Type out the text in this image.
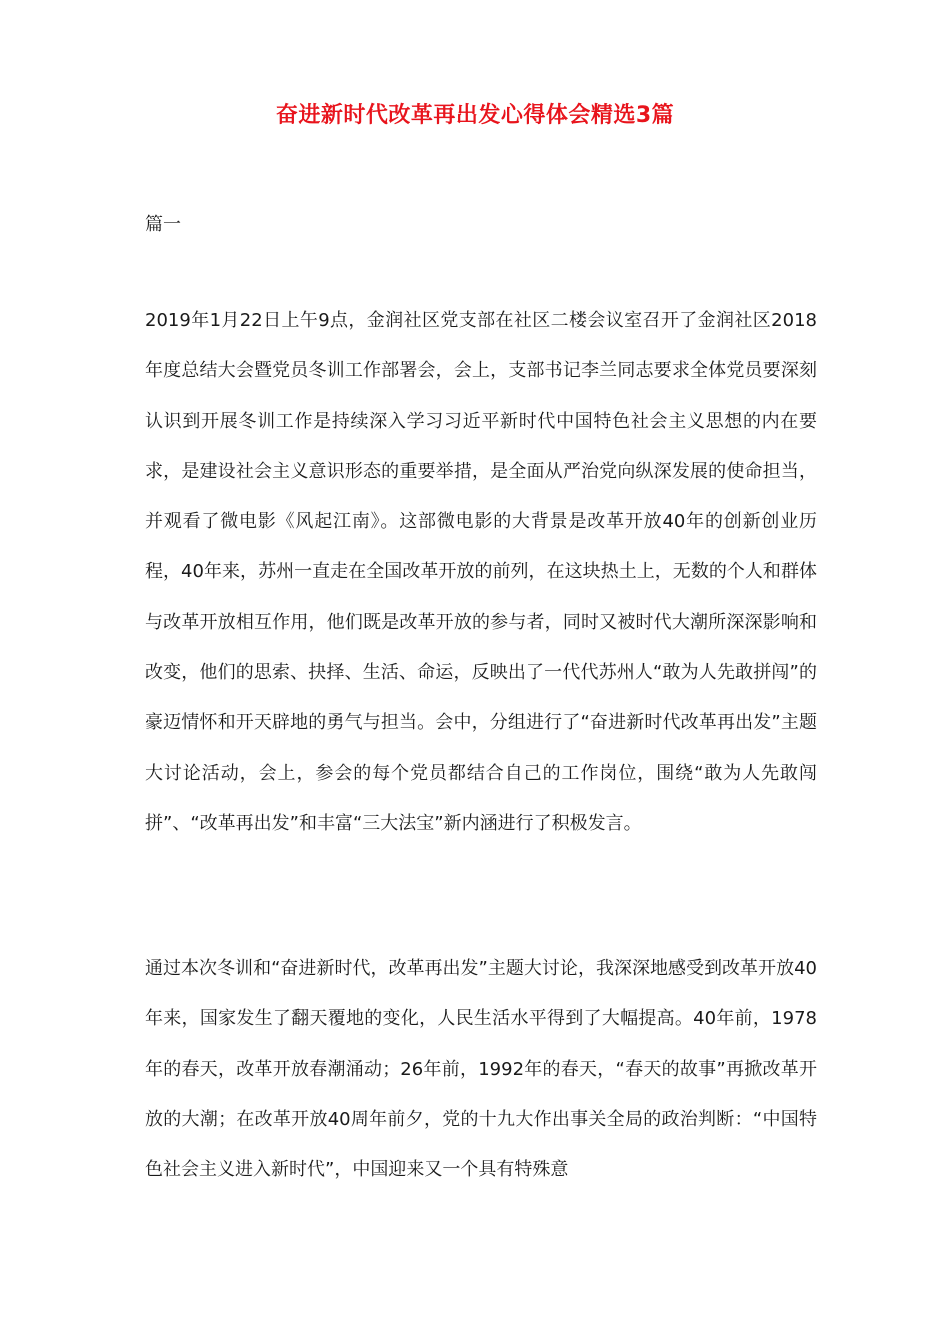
奋进新时代改革再出发心得体会精选3篇
篇一
2019年1月22日上午9点，金润社区党支部在社区二楼会议室召开了金润社区2018年度总结大会暨党员冬训工作部署会，会上，支部书记李兰同志要求全体党员要深刻认识到开展冬训工作是持续深入学习习近平新时代中国特色社会主义思想的内在要求，是建设社会主义意识形态的重要举措，是全面从严治党向纵深发展的使命担当，并观看了微电影《风起江南》。这部微电影的大背景是改革开放40年的创新创业历程，40年来，苏州一直走在全国改革开放的前列，在这块热土上，无数的个人和群体与改革开放相互作用，他们既是改革开放的参与者，同时又被时代大潮所深深影响和改变，他们的思索、抉择、生活、命运，反映出了一代代苏州人“敢为人先敢拼闯”的豪迈情怀和开天辟地的勇气与担当。会中，分组进行了“奋进新时代改革再出发”主题大讨论活动，会上，参会的每个党员都结合自己的工作岗位，围绕“敢为人先敢闯拼”、“改革再出发”和丰富“三大法宝”新内涵进行了积极发言。
通过本次冬训和“奋进新时代，改革再出发”主题大讨论，我深深地感受到改革开放40年来，国家发生了翻天覆地的变化，人民生活水平得到了大幅提高。40年前，1978年的春天，改革开放春潮涌动；26年前，1992年的春天，“春天的故事”再掀改革开放的大潮；在改革开放40周年前夕，党的十九大作出事关全局的政治判断：“中国特色社会主义进入新时代”，中国迎来又一个具有特殊意
